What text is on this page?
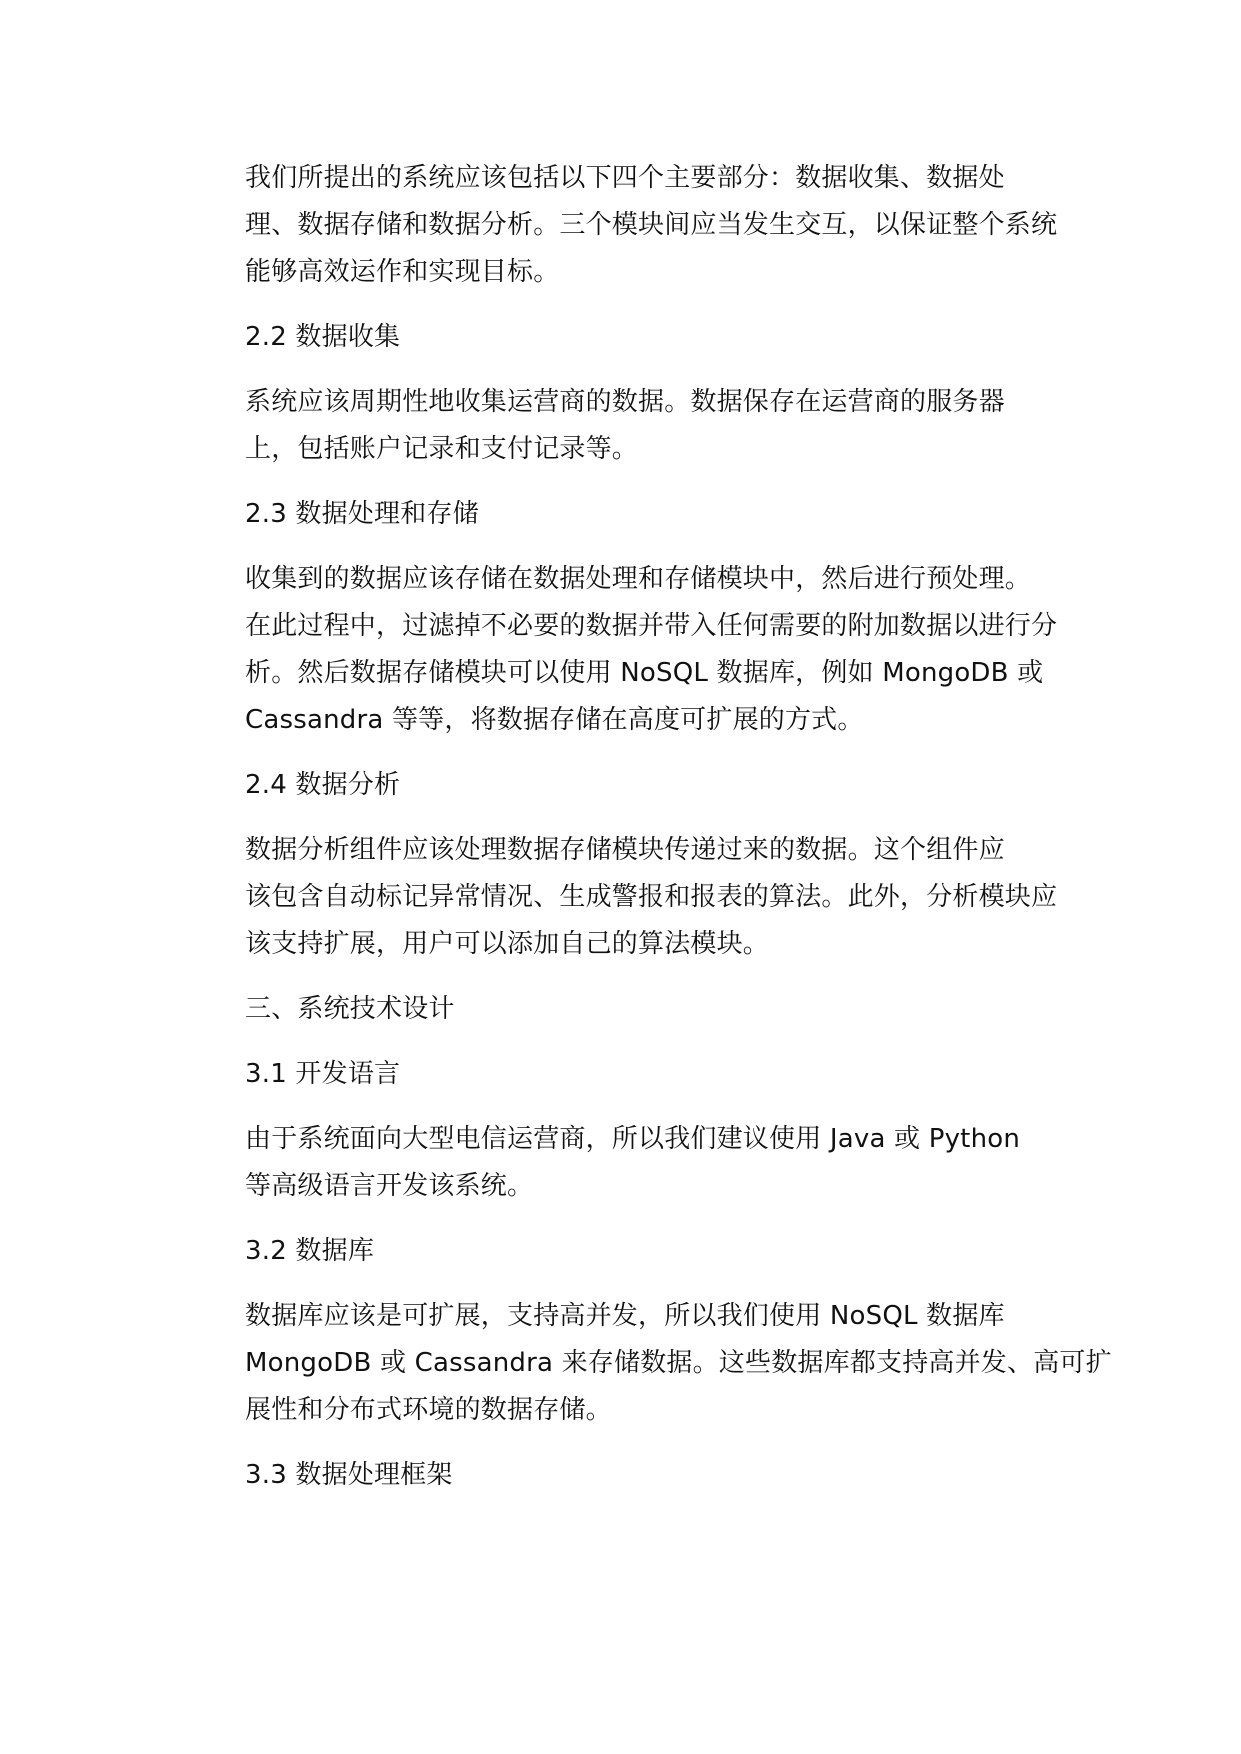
我们所提出的系统应该包括以下四个主要部分：数据收集、数据处
理、数据存储和数据分析。三个模块间应当发生交互，以保证整个系统
能够高效运作和实现目标。

2.2 数据收集

系统应该周期性地收集运营商的数据。数据保存在运营商的服务器
上，包括账户记录和支付记录等。

2.3 数据处理和存储

收集到的数据应该存储在数据处理和存储模块中，然后进行预处理。
在此过程中，过滤掉不必要的数据并带入任何需要的附加数据以进行分
析。然后数据存储模块可以使用 NoSQL 数据库，例如 MongoDB 或
Cassandra 等等，将数据存储在高度可扩展的方式。

2.4 数据分析

数据分析组件应该处理数据存储模块传递过来的数据。这个组件应
该包含自动标记异常情况、生成警报和报表的算法。此外，分析模块应
该支持扩展，用户可以添加自己的算法模块。

三、系统技术设计

3.1 开发语言

由于系统面向大型电信运营商，所以我们建议使用 Java 或 Python
等高级语言开发该系统。

3.2 数据库

数据库应该是可扩展，支持高并发，所以我们使用 NoSQL 数据库
MongoDB 或 Cassandra 来存储数据。这些数据库都支持高并发、高可扩
展性和分布式环境的数据存储。

3.3 数据处理框架
